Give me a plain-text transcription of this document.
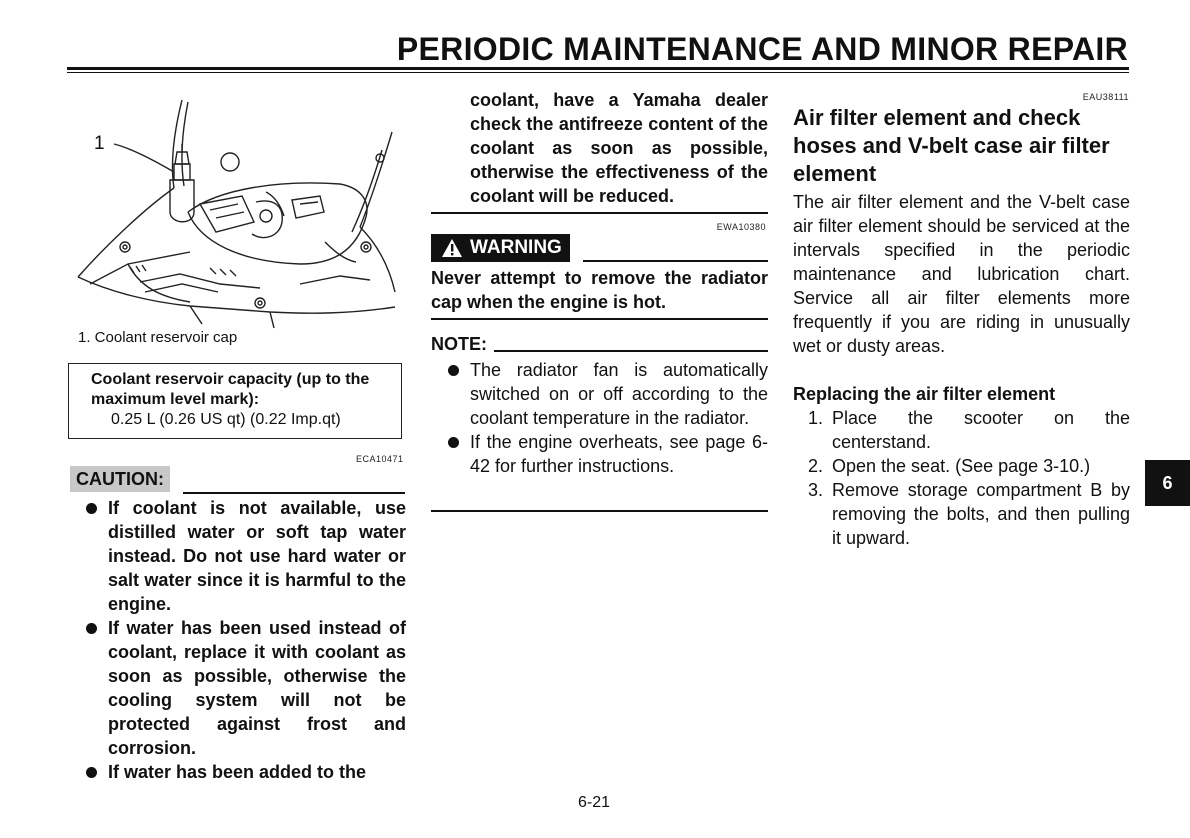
PERIODIC MAINTENANCE AND MINOR REPAIR
1
1. Coolant reservoir cap
Coolant reservoir capacity (up to the
maximum level mark):
0.25 L (0.26 US qt) (0.22 Imp.qt)
ECA10471
CAUTION:
If coolant is not available, use distilled water or soft tap water instead. Do not use hard water or salt water since it is harmful to the engine.
If water has been used instead of coolant, replace it with coolant as soon as possible, otherwise the cooling system will not be protected against frost and corrosion.
If water has been added to the
coolant, have a Yamaha dealer check the antifreeze content of the coolant as soon as possible, otherwise the effectiveness of the coolant will be reduced.
EWA10380
WARNING
Never attempt to remove the radiator cap when the engine is hot.
NOTE:
The radiator fan is automatically switched on or off according to the coolant temperature in the radiator.
If the engine overheats, see page 6-42 for further instructions.
EAU38111
Air filter element and check hoses and V-belt case air filter element
The air filter element and the V-belt case air filter element should be serviced at the intervals specified in the periodic maintenance and lubrication chart. Service all air filter elements more frequently if you are riding in unusually wet or dusty areas.
Replacing the air filter element
1. Place the scooter on the centerstand.
2. Open the seat. (See page 3-10.)
3. Remove storage compartment B by removing the bolts, and then pulling it upward.
6
6-21
